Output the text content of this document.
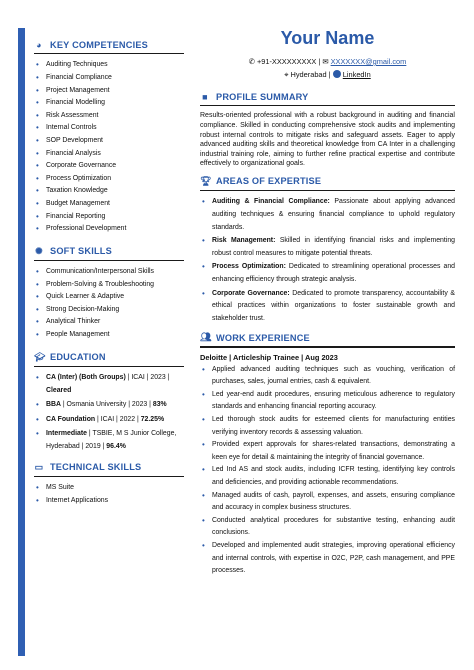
◕ KEY COMPETENCIES
• Auditing Techniques
• Financial Compliance
• Project Management
• Financial Modelling
• Risk Assessment
• Internal Controls
• SOP Development
• Financial Analysis
• Corporate Governance
• Process Optimization
• Taxation Knowledge
• Budget Management
• Financial Reporting
• Professional Development
✺ SOFT SKILLS
• Communication/Interpersonal Skills
• Problem-Solving & Troubleshooting
• Quick Learner & Adaptive
• Strong Decision-Making
• Analytical Thinker
• People Management
🎓︎ EDUCATION
• CA (Inter) (Both Groups) | ICAI | 2023 | Cleared
• BBA | Osmania University | 2023 | 83%
• CA Foundation | ICAI | 2022 | 72.25%
• Intermediate | TSBIE, M S Junior College, Hyderabad | 2019 | 96.4%
▭ TECHNICAL SKILLS
• MS Suite
• Internet Applications
Your Name
✆ +91-XXXXXXXXX | ✉ XXXXXXX@gmail.com
⌖ Hyderabad | LinkedIn
■ PROFILE SUMMARY

Results-oriented professional with a robust background in auditing and financial compliance. Skilled in conducting comprehensive stock audits and implementing robust internal controls to mitigate risks and safeguard assets. Eager to apply advanced auditing skills and theoretical knowledge from CA Inter in a challenging industrial training role, aiming to further refine practical expertise and contribute effectively to organizational goals.

🏆︎ AREAS OF EXPERTISE
• Auditing & Financial Compliance: Passionate about applying advanced auditing techniques & ensuring financial compliance to uphold regulatory standards.
• Risk Management: Skilled in identifying financial risks and implementing robust control measures to mitigate potential threats.
• Process Optimization: Dedicated to streamlining operational processes and enhancing efficiency through strategic analysis.
• Corporate Governance: Dedicated to promote transparency, accountability & ethical practices within organizations to foster sustainable growth and stakeholder trust.
👥︎ WORK EXPERIENCE
Deloitte | Articleship Trainee | Aug 2023
• Applied advanced auditing techniques such as vouching, verification of purchases, sales, journal entries, cash & equivalent.
• Led year-end audit procedures, ensuring meticulous adherence to regulatory standards and enhancing financial reporting accuracy.
• Led thorough stock audits for esteemed clients for manufacturing entities verifying inventory records & assessing valuation.
• Provided expert approvals for shares-related transactions, demonstrating a keen eye for detail & maintaining the integrity of financial governance.
• Led Ind AS and stock audits, including ICFR testing, identifying key controls and deficiencies, and providing actionable recommendations.
• Managed audits of cash, payroll, expenses, and assets, ensuring compliance and accuracy in complex business structures.
• Conducted analytical procedures for substantive testing, enhancing audit conclusions.
• Developed and implemented audit strategies, improving operational efficiency and internal controls, with expertise in O2C, P2P, cash management, and PPE processes.
